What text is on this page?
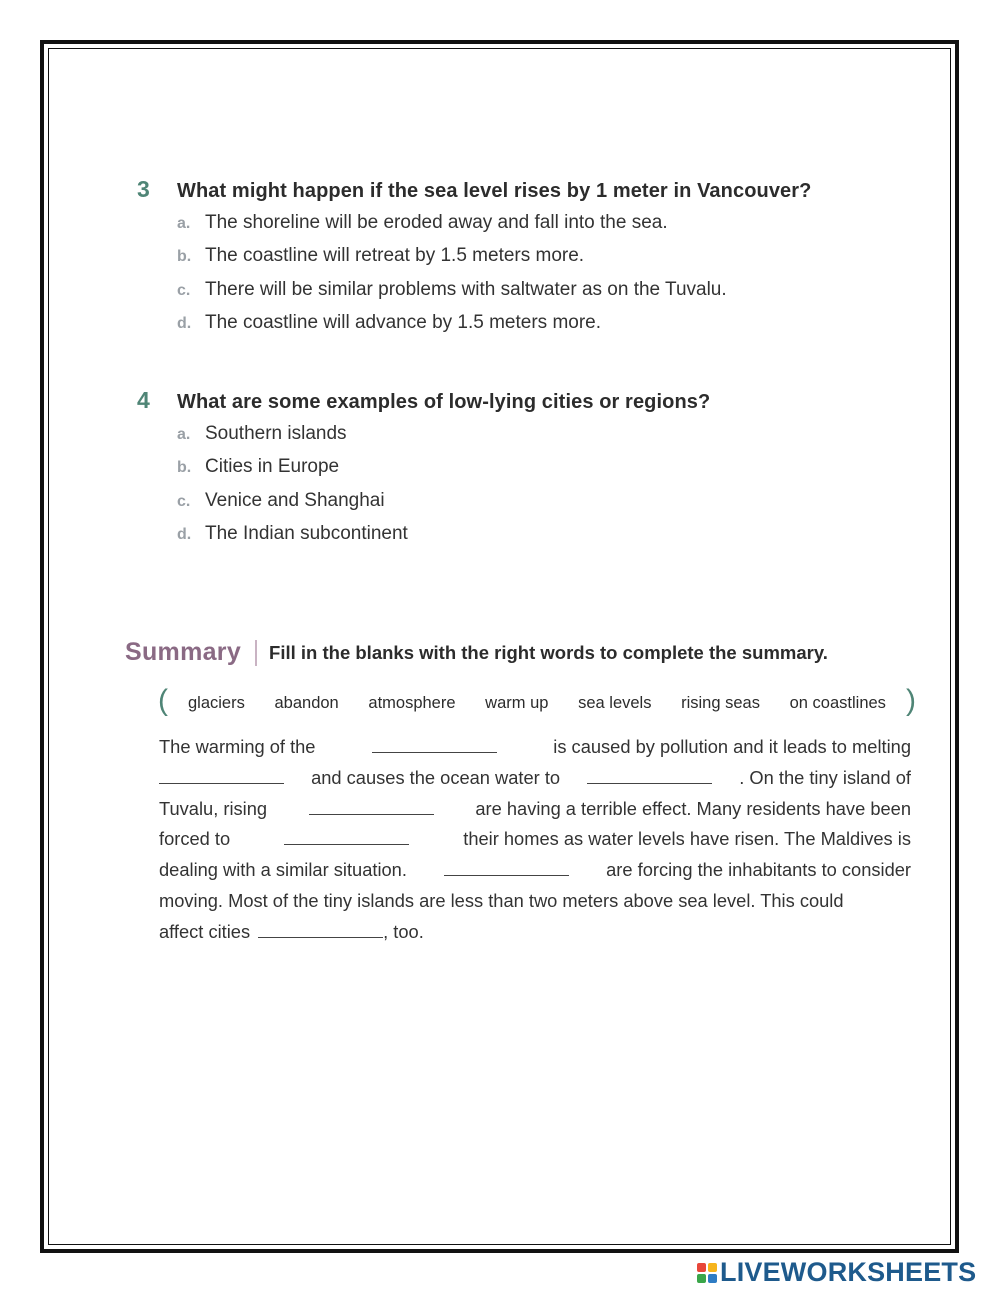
3	What might happen if the sea level rises by 1 meter in Vancouver?
a. The shoreline will be eroded away and fall into the sea.
b. The coastline will retreat by 1.5 meters more.
c. There will be similar problems with saltwater as on the Tuvalu.
d. The coastline will advance by 1.5 meters more.
4	What are some examples of low-lying cities or regions?
a. Southern islands
b. Cities in Europe
c. Venice and Shanghai
d. The Indian subcontinent
Summary Fill in the blanks with the right words to complete the summary.
( glaciers abandon atmosphere warm up sea levels rising seas on coastlines )
The warming of the	is caused by pollution and it leads to melting
and causes the ocean water to	. On the tiny island of
Tuvalu, rising	are having a terrible effect. Many residents have been
forced to	their homes as water levels have risen. The Maldives is
dealing with a similar situation.	are forcing the inhabitants to consider
moving. Most of the tiny islands are less than two meters above sea level. This could
affect cities	, too.
LIVEWORKSHEETS
